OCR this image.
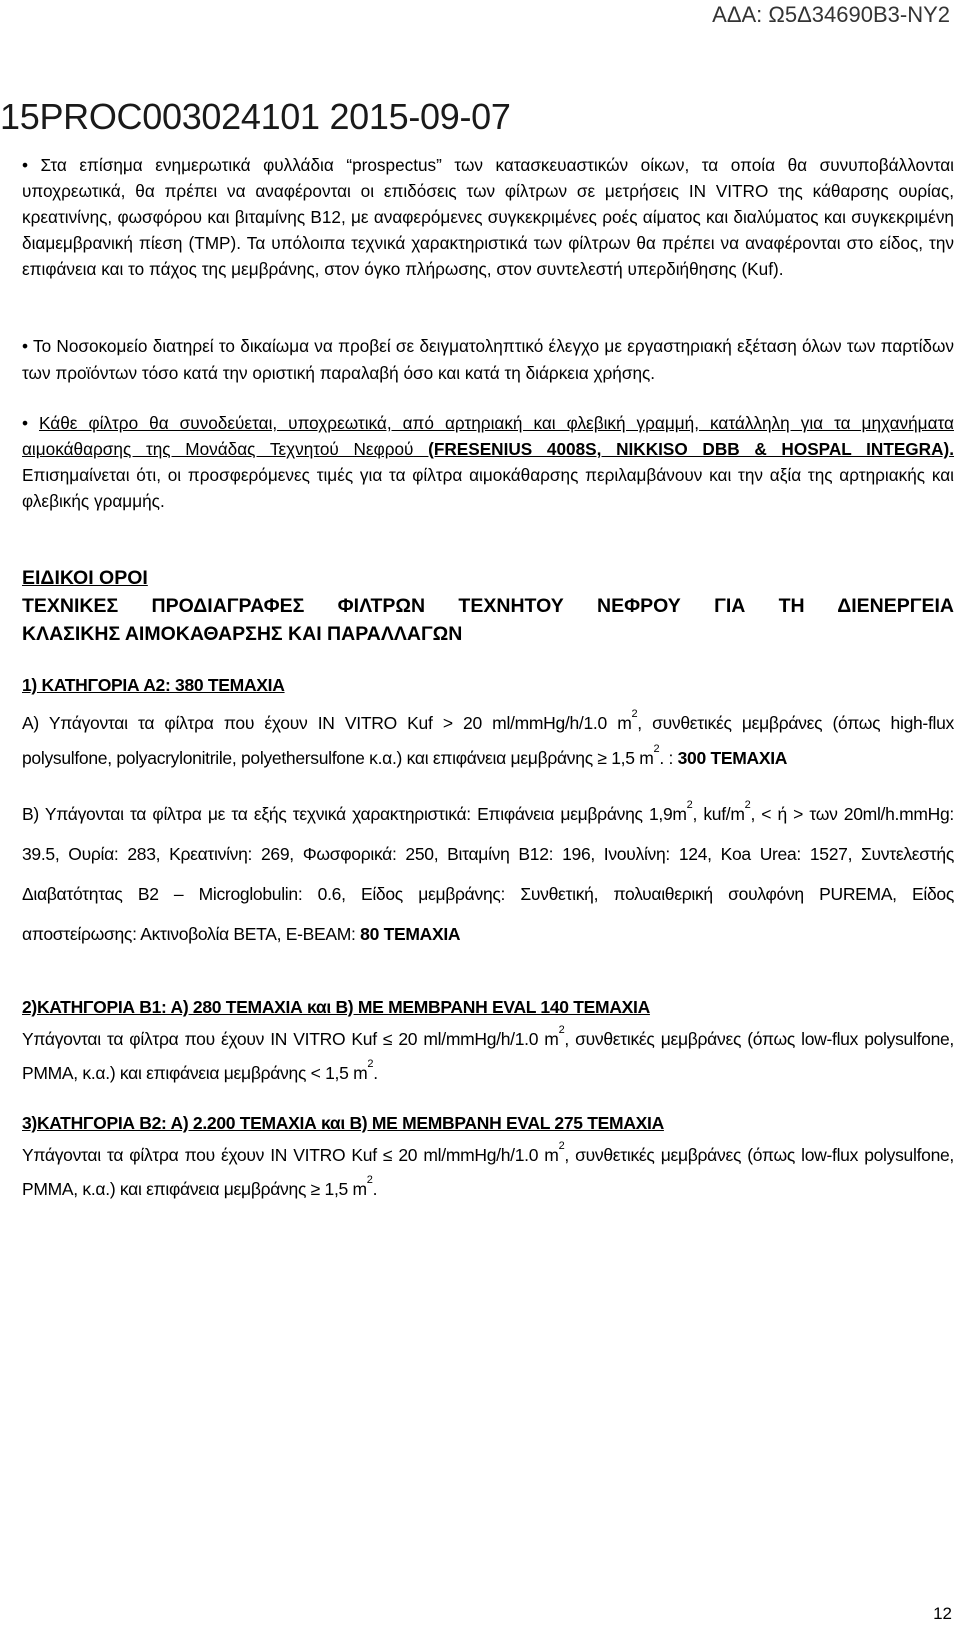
ΑΔΑ: Ω5Δ34690Β3-ΝΥ2
15PROC003024101 2015-09-07

• Στα επίσημα ενημερωτικά φυλλάδια “prospectus” των κατασκευαστικών οίκων, τα οποία θα συνυποβάλλονται υποχρεωτικά, θα πρέπει να αναφέρονται οι επιδόσεις των φίλτρων σε μετρήσεις IN VITRO της κάθαρσης ουρίας, κρεατινίνης, φωσφόρου και βιταμίνης Β12, με αναφερόμενες συγκεκριμένες ροές αίματος και διαλύματος και συγκεκριμένη διαμεμβρανική πίεση (ΤΜΡ). Τα υπόλοιπα τεχνικά χαρακτηριστικά των φίλτρων θα πρέπει να αναφέρονται στο είδος, την επιφάνεια και το πάχος της μεμβράνης, στον όγκο πλήρωσης, στον συντελεστή υπερδιήθησης (Kuf).

• Το Νοσοκομείο διατηρεί το δικαίωμα να προβεί σε δειγματοληπτικό έλεγχο με εργαστηριακή εξέταση όλων των παρτίδων των προϊόντων τόσο κατά την οριστική παραλαβή όσο και κατά τη διάρκεια χρήσης.

• Κάθε φίλτρο θα συνοδεύεται, υποχρεωτικά, από αρτηριακή και φλεβική γραμμή, κατάλληλη για τα μηχανήματα αιμοκάθαρσης της Μονάδας Τεχνητού Νεφρού (FRESENIUS 4008S, NIKKISO DBB & HOSPAL INTEGRA). Επισημαίνεται ότι, οι προσφερόμενες τιμές για τα φίλτρα αιμοκάθαρσης περιλαμβάνουν και την αξία της αρτηριακής και φλεβικής γραμμής.

ΕΙΔΙΚΟΙ ΟΡΟΙ
ΤΕΧΝΙΚΕΣ ΠΡΟΔΙΑΓΡΑΦΕΣ ΦΙΛΤΡΩΝ ΤΕΧΝΗΤΟΥ ΝΕΦΡΟΥ ΓΙΑ ΤΗ ΔΙΕΝΕΡΓΕΙΑ
ΚΛΑΣΙΚΗΣ ΑΙΜΟΚΑΘΑΡΣΗΣ ΚΑΙ ΠΑΡΑΛΛΑΓΩΝ
1) ΚΑΤΗΓΟΡΙΑ Α2: 380 ΤΕΜΑΧΙΑ

Α) Υπάγονται τα φίλτρα που έχουν IN VITRO Kuf > 20 ml/mmHg/h/1.0 $m^2$, συνθετικές μεμβράνες (όπως high-flux polysulfone, polyacrylonitrile, polyethersulfone κ.α.) και επιφάνεια μεμβράνης ≥ 1,5 $m^2$. : 300 ΤΕΜΑΧΙΑ

Β) Υπάγονται τα φίλτρα με τα εξής τεχνικά χαρακτηριστικά: Επιφάνεια μεμβράνης $1,9m^2$, kuf/$m^2$, < ή > των 20ml/h.mmHg: 39.5, Ουρία: 283, Κρεατινίνη: 269, Φωσφορικά: 250, Βιταμίνη Β12: 196, Ινουλίνη: 124, Koa Urea: 1527, Συντελεστής Διαβατότητας Β2 – Microglobulin: 0.6, Είδος μεμβράνης: Συνθετική, πολυαιθερική σουλφόνη PUREMA, Είδος αποστείρωσης: Ακτινοβολία ΒΕΤΑ, E-BEAM: 80 ΤΕΜΑΧΙΑ

2)ΚΑΤΗΓΟΡΙΑ Β1: Α) 280 ΤΕΜΑΧΙΑ και Β) ΜΕ ΜΕΜΒΡΑΝΗ EVAL 140 ΤΕΜΑΧΙΑ

Υπάγονται τα φίλτρα που έχουν IN VITRO Kuf ≤ 20 ml/mmHg/h/1.0 $m^2$, συνθετικές μεμβράνες (όπως low-flux polysulfone, PMMA, κ.α.) και επιφάνεια μεμβράνης < 1,5 $m^2$.

3)ΚΑΤΗΓΟΡΙΑ Β2: Α) 2.200 ΤΕΜΑΧΙΑ και Β) ΜΕ ΜΕΜΒΡΑΝΗ EVAL 275 ΤΕΜΑΧΙΑ

Υπάγονται τα φίλτρα που έχουν IN VITRO Kuf ≤ 20 ml/mmHg/h/1.0 $m^2$, συνθετικές μεμβράνες (όπως low-flux polysulfone, PMMA, κ.α.) και επιφάνεια μεμβράνης ≥ 1,5 $m^2$.

12
